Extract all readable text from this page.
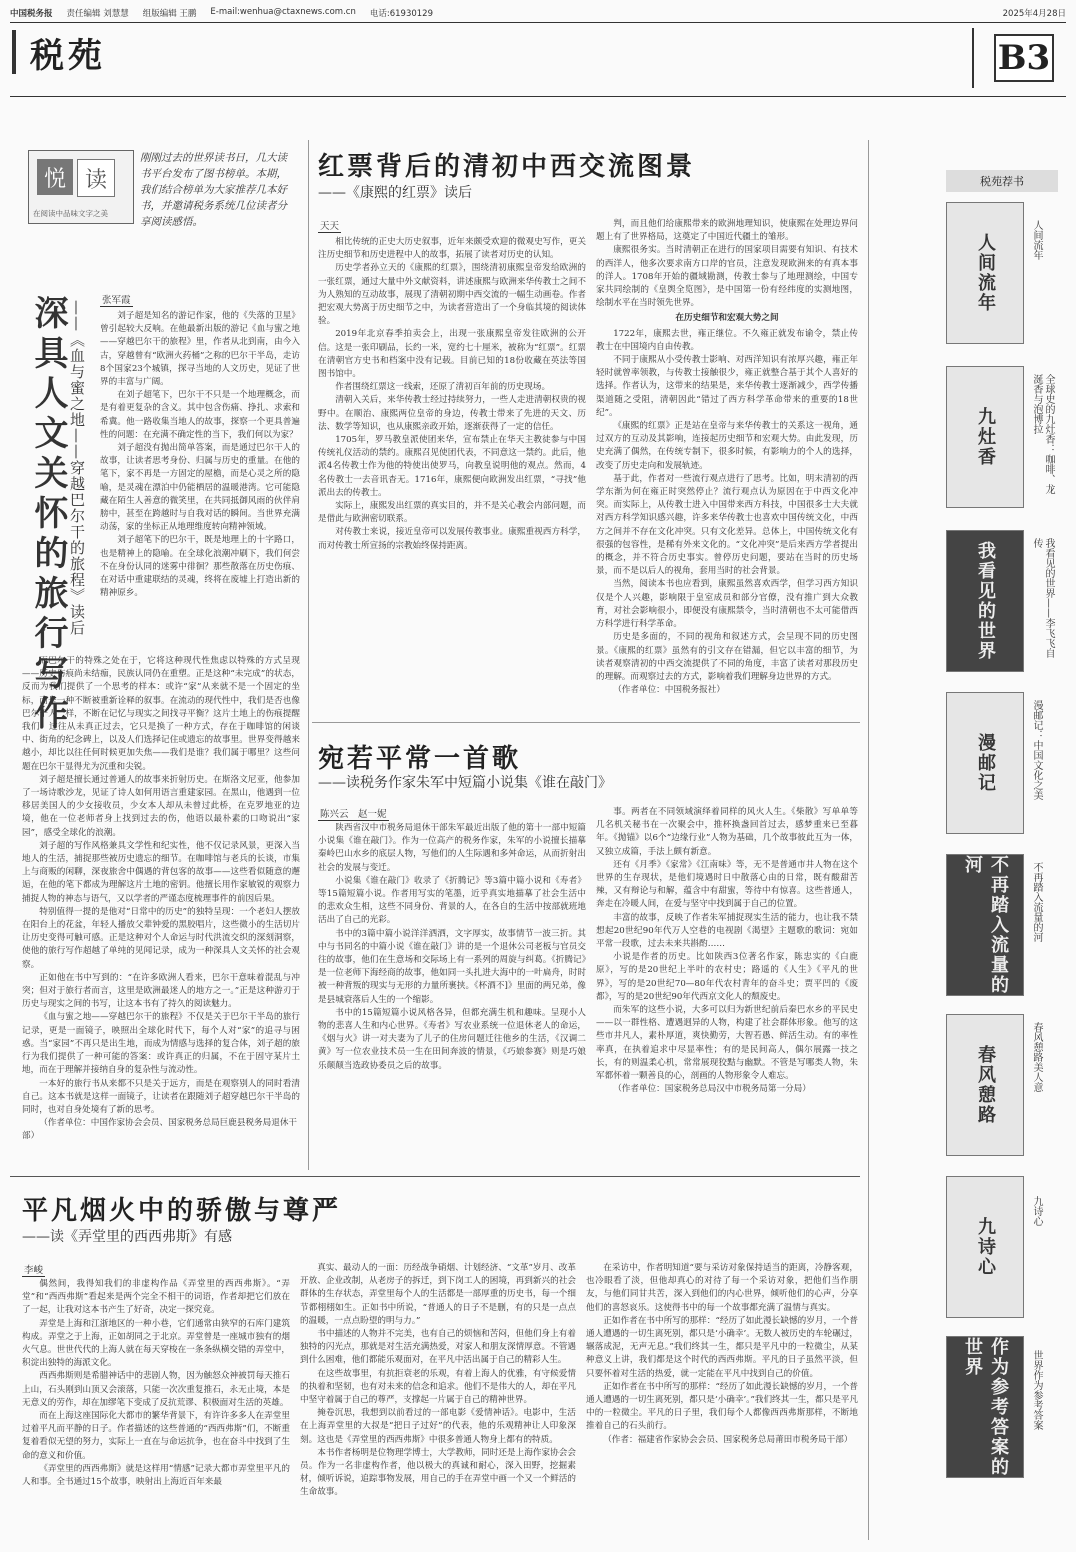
中国税务报 责任编辑 刘慧慧 组版编辑 王鹏 E-mail:wenhua@ctaxnews.com.cn 电话:61930129	2025年4月28日
税苑	B3
悦 读
在阅读中品味文字之美
刚刚过去的世界读书日，几大读书平台发布了图书榜单。本期，我们结合榜单为大家推荐几本好书，并邀请税务系统几位读者分享阅读感悟。
深具人文关怀的旅行写作 ——《血与蜜之地——穿越巴尔干的旅程》读后 张军霞

刘子超是知名的游记作家，他的《失落的卫星》曾引起较大反响。在他最新出版的游记《血与蜜之地——穿越巴尔干的旅程》里，作者从北到南，由今入古，穿越曾有“欧洲火药桶”之称的巴尔干半岛，走访8个国家23个城镇，探寻当地的人文历史，见证了世界的丰富与广阔。

在刘子超笔下，巴尔干不只是一个地理概念，而是有着更复杂的含义。其中包含伤痛、挣扎、求索和希冀。他一路收集当地人的故事，探察一个更具普遍性的问题：在充满不确定性的当下，我们何以为家？

刘子超没有抛出简单答案，而是通过巴尔干人的故事，让读者思考身份、归属与历史的重量。在他的笔下，家不再是一方固定的屋檐，而是心灵之所的隐喻，是灵魂在漂泊中仍能栖居的温暖港湾。它可能隐藏在陌生人善意的微笑里，在共同抵御风雨的伙伴肩膀中，甚至在跨越时与自我对话的瞬间。当世界充满动荡，家的坐标正从地理维度转向精神领域。

刘子超笔下的巴尔干，既是地理上的十字路口，也是精神上的隐喻。在全球化浪潮冲刷下，我们何尝不在身份认同的迷雾中徘徊？那些散落在历史伤痕、在对话中重建联结的灵魂，终将在废墟上打造出新的精神原乡。

而巴尔干的特殊之处在于，它将这种现代性焦虑以特殊的方式呈现——历史伤痕尚未结痂，民族认同仍在重塑。正是这种“未完成”的状态，反而为我们提供了一个思考的样本：或许“家”从来就不是一个固定的坐标，而是一种不断被重新诠释的叙事。在流动的现代性中，我们是否也像巴尔干人一样，不断在记忆与现实之间找寻平衡？这片土地上的伤痕提醒我们：过往从未真正过去，它只是换了一种方式，存在于咖啡馆的闲谈中、街角的纪念碑上，以及人们选择记住或遗忘的故事里。世界变得越来越小，却比以往任何时候更加失焦——我们是谁？我们属于哪里？这些问题在巴尔干显得尤为沉重和尖锐。

刘子超是擅长通过普通人的故事来折射历史。在斯洛文尼亚，他参加了一场诗歌沙龙，见证了诗人如何用语言重建家园。在黑山，他遇到一位移居美国人的少女接收员，少女本人却从未曾过此桥，在克罗地亚的边境，他在一位老师者身上找到过去的伤，他语以最朴素的口吻说出“家园”，感受全球化的浪潮。

刘子超的写作风格兼具文学性和纪实性，他不仅记录风景，更深入当地人的生活，捕捉那些被历史遗忘的细节。在咖啡馆与老兵的长谈，市集上与商贩的闲聊，深夜旅舍中偶遇的背包客的故事——这些看似随意的邂逅，在他的笔下都成为理解这片土地的密钥。他擅长用作家敏锐的观察力捕捉人物的神态与语气，又以学者的严谨态度梳理事件的前因后果。

特别值得一提的是他对“日常中的历史”的独特呈现：一个老妇人摆放在阳台上的花盆，年轻人播放父辈钟爱的黑胶唱片，这些微小的生活切片让历史变得可触可感。正是这种对个人命运与时代洪流交织的深刻洞察，使他的旅行写作超越了单纯的见闻记录，成为一种深具人文关怀的社会观察。

正如他在书中写到的：“在许多欧洲人看来，巴尔干意味着混乱与冲突；但对于旅行者而言，这里是欧洲最迷人的地方之一。”正是这种游刃于历史与现实之间的书写，让这本书有了持久的阅读魅力。

《血与蜜之地——穿越巴尔干的旅程》不仅是关于巴尔干半岛的旅行记录，更是一面镜子，映照出全球化时代下，每个人对“家”的追寻与困惑。当“家园”不再只是出生地，而成为情感与选择的复合体，刘子超的旅行为我们提供了一种可能的答案：或许真正的归属，不在于固守某片土地，而在于理解并接纳自身的复杂性与流动性。

一本好的旅行书从来都不只是关于远方，而是在观察别人的同时看清自己。这本书就是这样一面镜子，让读者在跟随刘子超穿越巴尔干半岛的同时，也对自身处境有了新的思考。

（作者单位：中国作家协会会员、国家税务总局巨鹿县税务局退休干部）

红票背后的清初中西交流图景
——《康熙的红票》读后
天天

相比传统的正史大历史叙事，近年来颇受欢迎的微观史写作，更关注历史细节和历史进程中人的故事，拓展了读者对历史的认知。

历史学者孙立天的《康熙的红票》，围绕清初康熙皇帝发给欧洲的一张红票，通过大量中外文献资料，讲述康熙与欧洲来华传教士之间不为人熟知的互动故事，展现了清朝初期中西交流的一幅生动画卷。作者把宏观大势离于历史细节之中，为读者营造出了一个身临其境的阅读体验。

2019年北京春季拍卖会上，出现一张康熙皇帝发往欧洲的公开信。这是一张印刷品，长约一米，宽约七十厘米，被称为“红票”。红票在清朝官方史书和档案中没有记载。目前已知的18份收藏在英法等国图书馆中。

作者围绕红票这一线索，还原了清初百年前的历史现场。

清朝入关后，来华传教士经过持续努力，一些人走进清朝权贵的视野中。在顺治、康熙两位皇帝的身边，传教士带来了先进的天文、历法、数学等知识，也从康熙亲政开始，逐渐获得了一定的信任。

1705年，罗马教皇派使团来华，宣布禁止在华天主教徒参与中国传统礼仪活动的禁约。康熙召见使团代表，不同意这一禁约。此后，他派4名传教士作为他的特使出使罗马，向教皇说明他的观点。然而，4名传教士一去音讯杳无。1716年，康熙便向欧洲发出红票，“寻找”他派出去的传教士。

实际上，康熙发出红票的真实目的，并不是关心教会内部问题，而是借此与欧洲密切联系。

对传教士来说，接近皇帝可以发展传教事业。康熙重视西方科学，而对传教士所宣扬的宗教始终保持距离。

判，而且他们给康熙带来的欧洲地理知识，使康熙在处理边界问题上有了世界格局，这奠定了中国近代疆土的雏形。

康熙很务实。当时清朝正在进行的国家项目需要有知识、有技术的西洋人，他多次要求南方口岸的官员，注意发现欧洲来的有真本事的洋人。1708年开始的疆域勘测，传教士参与了地理测绘，中国专家共同绘制的《皇舆全览图》，是中国第一份有经纬度的实测地图，绘制水平在当时领先世界。

在历史细节和宏观大势之间

1722年，康熙去世，雍正继位。不久雍正就发布谕令，禁止传教士在中国境内自由传教。

不同于康熙从小受传教士影响、对西洋知识有浓厚兴趣，雍正年轻时就曾率领教，与传教士接触很少，雍正就整合基于其个人喜好的选择。作者认为，这带来的结果是，来华传教士逐渐减少，西学传播渠道随之受阻，清朝因此“错过了西方科学革命带来的重要的18世纪”。

《康熙的红票》正是站在皇帝与来华传教士的关系这一视角，通过双方的互动及其影响，连接起历史细节和宏观大势。由此发现，历史充满了偶然，在传统专制下，很多时候，有影响力的个人的选择，改变了历史走向和发展轨迹。

基于此，作者对一些流行观点进行了思考。比如，明末清初的西学东渐为何在雍正时突然停止？流行观点认为原因在于中西文化冲突。而实际上，从传教士进入中国带来西方科技，中国很多士大夫就对西方科学知识感兴趣，许多来华传教士也喜欢中国传统文化，中西方之间并不存在文化冲突。只有文化差异。总体上，中国传统文化有很强的包容性，是稀有外来文化的。“文化冲突”是后来西方学者提出的概念，并不符合历史事实。曾停历史问题，要站在当时的历史场景，而不是以后人的视角，套用当时的社会背景。

当然，阅读本书也应看到，康熙虽然喜欢西学，但学习西方知识仅是个人兴趣，影响限于皇室成员和部分官僚，没有推广到大众教育，对社会影响很小，即便没有康熙禁令，当时清朝也不太可能借西方科学进行科学革命。

历史是多面的，不同的视角和叙述方式，会呈现不同的历史图景。《康熙的红票》虽然有的引文存在错漏，但它以丰富的细节，为读者观察清初的中西交流提供了不同的角度，丰富了读者对那段历史的理解。而观察过去的方式，影响着我们理解身边世界的方式。

（作者单位：中国税务报社）

宛若平常一首歌
——读税务作家朱军中短篇小说集《谁在敲门》
陈兴云　赵一妮

陕西省汉中市税务局退休干部朱军最近出版了他的第十一部中短篇小说集《谁在敲门》。作为一位高产的税务作家，朱军的小说擅长描摹秦岭巴山水乡的底层人物，写他们的人生际遇和多舛命运，从而折射出社会的发展与变迁。

小说集《谁在敲门》收录了《折腾记》等3篇中篇小说和《寿者》等15篇短篇小说。作者用写实的笔墨，近乎真实地描摹了社会生活中的悲欢众生相，这些不同身份、背景的人，在各自的生活中按部就班地活出了自己的光彩。

书中的3篇中篇小说洋洋洒洒，文字厚实，故事情节一波三折。其中与书同名的中篇小说《谁在敲门》讲的是一个退休公司老板与官员交往的故事，他们在生意场和交际场上有一系列的周旋与纠葛。《折腾记》是一位老师下海经商的故事，他如同一头扎进大海中的一叶扁舟，时时被一种背叛的现实与无形的力量所裹挟。《杯酒不]》里面的两兄弟，像是县城衰落后人生的一个缩影。

书中的15篇短篇小说风格各异，但都充满生机和趣味。呈现小人物的悲喜人生和内心世界。《寿者》写农业系统一位退休老人的命运，《烟与火》讲一对夫妻为了儿子的住房问题迁往他乡的生活，《汉调二黄》写一位农业技术员一生在田间奔波的情景，《巧娘参赛》则是巧娘乐颠颠当选政协委员之后的故事。

事。两者在不同领域演绎着同样的风火人生。《柴散》写单单等几名机关秘书在一次聚会中，推杯换盏回首过去，感梦重来已至暮年。《抛锚》以6个“边缘行业”人物为基础，几个故事彼此互为一体，又独立成篇，手法上颇有新意。

还有《月季》《家常》《江南味》等，无不是普通市井人物在这个世界的生存现状，是他们境遇时日中散落心由的日常，既有酸甜苦辣，又有辩论与和解，蕴含中有甜蜜，等待中有惊喜。这些普通人，奔走在冷暖人间，在爱与坚守中找到属于自己的位置。

丰富的故事，反映了作者朱军捕捉现实生活的能力，也让我不禁想起20世纪90年代万人空巷的电视剧《渴望》主题歌的歌词：宛如平常一段歌，过去未来共斟酌……

小说是作者的历史。比如陕西3位著名作家，陈忠实的《白鹿原》，写的是20世纪上半叶的农村史；路遥的《人生》《平凡的世界》，写的是20世纪70—80年代农村青年的奋斗史；贾平凹的《废都》，写的是20世纪90年代西京文化人的颓废史。

而朱军的这些小说，大多可以归为新世纪前后秦巴水乡的平民史——以一群性格、遭遇迥异的人物，构建了社会群体形象。他写的这些市井凡人，素朴厚道，爽快勤劳，大智若愚、鲜活生动。有的率性率真，在执着追求中尽显率性；有的是民间高人，偶尔展露一技之长，有的则温柔心机，常常展现狡黠与幽默。不管是写哪类人物，朱军都怀着一颗善良的心，剖画的人物形象令人难忘。

（作者单位：国家税务总局汉中市税务局第一分局）

平凡烟火中的骄傲与尊严
——读《弄堂里的西西弗斯》有感
李峻

偶然间，我得知我们的非虚构作品《弄堂里的西西弗斯》。“弄堂”和“西西弗斯”看起来是两个完全不相干的词语，作者却把它们放在了一起，让我对这本书产生了好奇，决定一探究竟。

弄堂是上海和江浙地区的一种小巷，它们通常由狭窄的石库门建筑构成。弄堂之于上海，正如胡同之于北京。弄堂曾是一座城市独有的烟火气息。世世代代的上海人就在每天穿梭在一条条纵横交错的弄堂中，积淀出独特的海派文化。

西西弗斯则是希腊神话中的悲剧人物，因为触怒众神被罚每天推石上山，石头刚到山顶又会滚落，只能一次次重复推石，永无止境，本是无意义的劳作，却在加缪笔下变成了反抗荒谬、积极面对生活的英雄。

而在上海这座国际化大都市的繁华背景下，有许许多多人在弄堂里过着平凡而平静的日子。作者描述的这些普通的“西西弗斯”们，不断重复着看似无望的努力，实际上一直在与命运抗争，也在奋斗中找到了生命的意义和价值。

《弄堂里的西西弗斯》就是这样用“情感”记录大都市弄堂里平凡的人和事。全书通过15个故事，映射出上海近百年来最

真实、最动人的一面：历经战争硝烟、计划经济、“文革”岁月、改革开放、企业改制，从老房子的拆迁，到下岗工人的困境，再到新兴的社会群体的生存状态，弄堂里每个人的生活都是一部厚重的历史书，每一个细节都栩栩如生。正如书中所说，“普通人的日子不是删，有的只是一点点的温暖，一点点盼望的明与力。”

书中描述的人物并不完美，也有自己的烦恼和苦闷，但他们身上有着独特的闪光点，那就是对生活充满热爱，对家人和朋友深情厚意。不管遇到什么困难，他们都能乐观面对，在平凡中活出属于自己的精彩人生。

在这些故事里，有抗拒衰老的乐观，有着上海人的优雅，有守候爱情的执着和坚韧，也有对未来的信念和追求。他们不是伟大的人，却在平凡中坚守着属于自己的尊严，支撑起一片属于自己的精神世界。

掩卷沉思，我想到以前看过的一部电影《爱情神话》。电影中，生活在上海弄堂里的大叔是“把日子过好”的代表，他的乐观精神让人印象深刻。这也是《弄堂里的西西弗斯》中很多普通人物身上都有的特质。

本书作者杨明是位物理学博士，大学教师，同时还是上海作家协会会员。作为一名非虚构作者，他以极大的真诚和耐心，深入田野，挖掘素材，倾听诉说，追踪事物发展，用自己的手在弄堂中画一个又一个鲜活的生命故事。

在采访中，作者明知道“要与采访对象保持适当的距离，冷静客观，也冷眼看了淡，但他却真心的对待了每一个采访对象，把他们当作朋友，与他们同甘共苦，深入到他们的内心世界，倾听他们的心声，分享他们的喜怒哀乐。这使得书中的每一个故事都充满了温情与真实。

正如作者在书中所写的那样：“经历了如此漫长缺憾的岁月，一个普通人遭遇的一切生离死别，都只是‘小确幸’。无数人被历史的车轮碾过，辗落成泥，无声无息。”我们终其一生，都只是平凡中的一粒微尘，从某种意义上讲，我们都是这个时代的西西弗斯。平凡的日子虽然平淡，但只要怀着对生活的热爱，就一定能在平凡中找到自己的价值。

正如作者在书中所写的那样：“经历了如此漫长缺憾的岁月，一个普通人遭遇的一切生离死别，都只是‘小确幸’。”我们终其一生，都只是平凡中的一粒微尘。平凡的日子里，我们每个人都像西西弗斯那样，不断地推着自己的石头前行。

（作者：福建省作家协会会员、国家税务总局莆田市税务局干部）

税苑荐书
人间流年	人间流年
九灶香	全球史的九灶香：咖啡、龙涎香与泡博拉
我看见的世界	我看见的世界——李飞飞自传
漫邮记	漫邮记：中国文化之美
不再踏入流量的河	不再踏入流量的河
春风憩路	春风憩路美人意
九诗心
九诗心
作为参考答案的世界	世界作为参考答案
